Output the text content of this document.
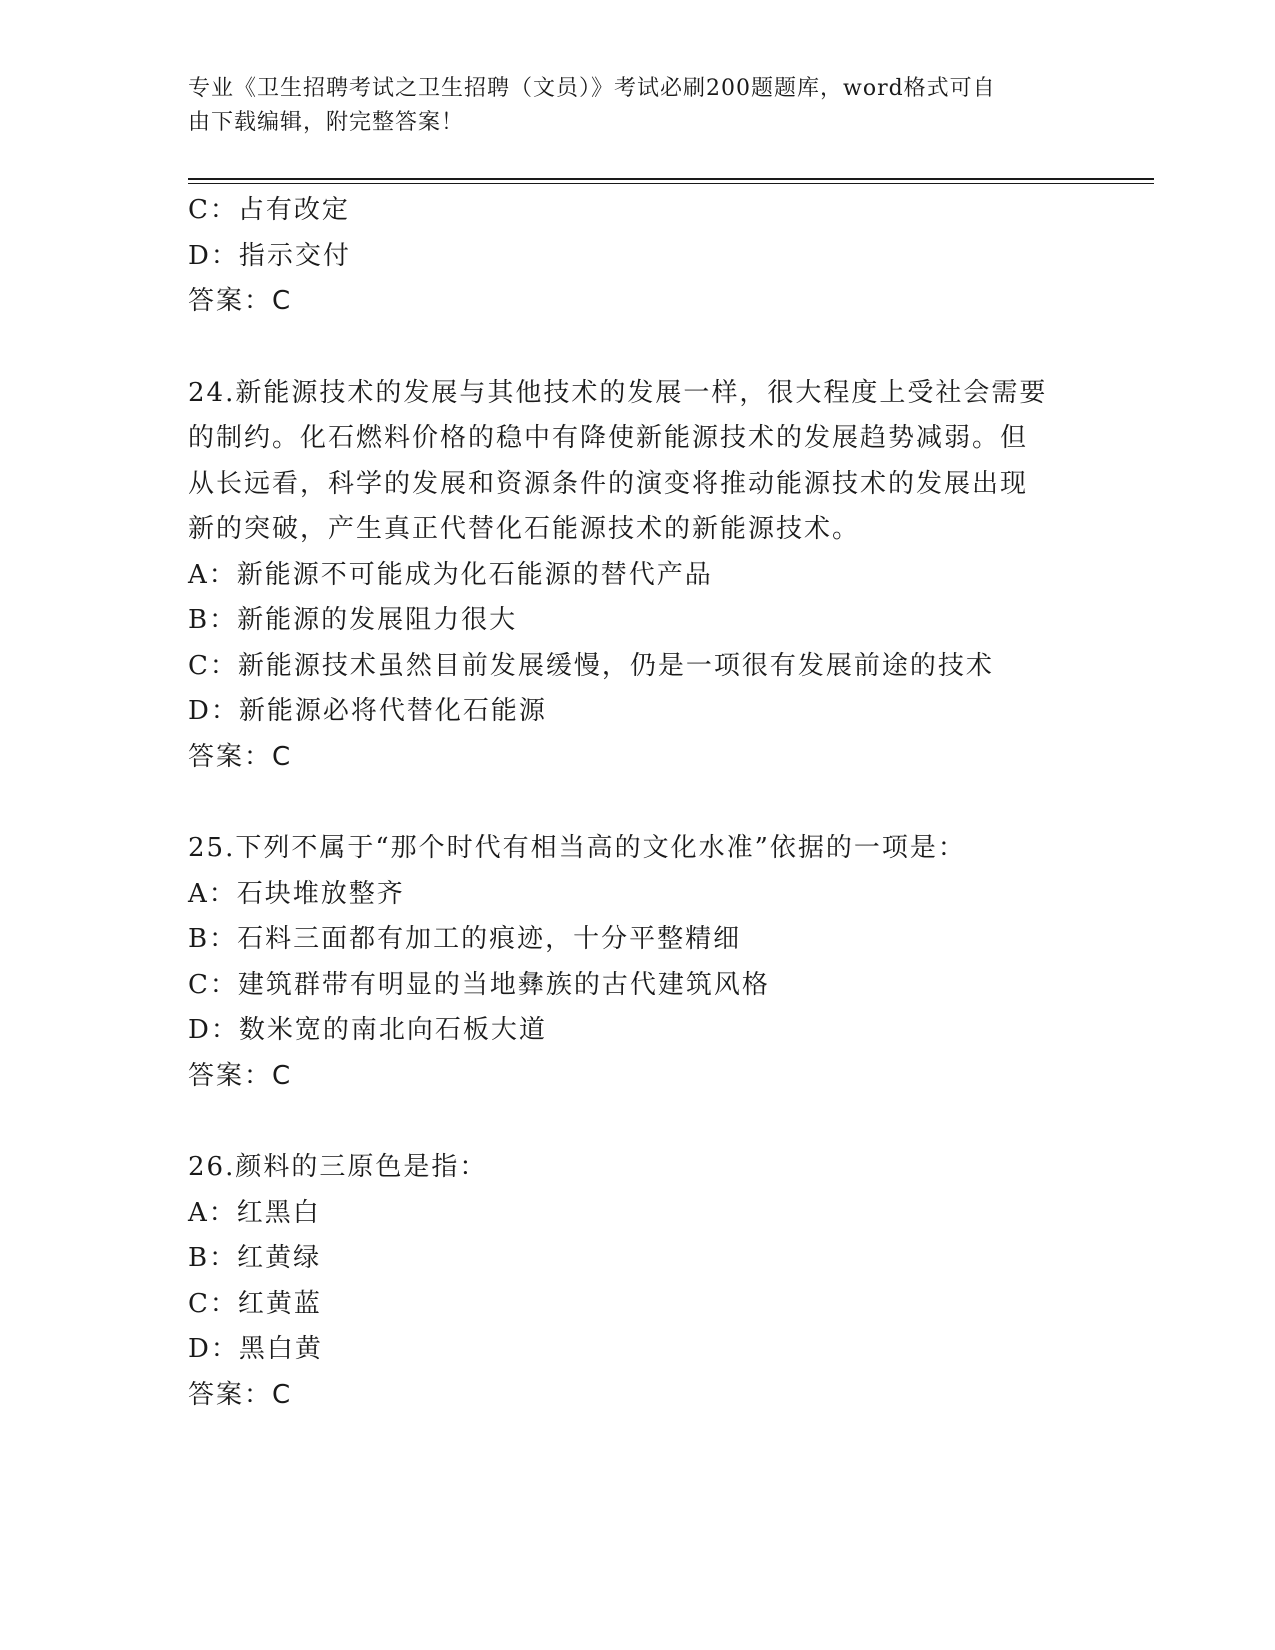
专业《卫生招聘考试之卫生招聘（文员）》考试必刷200题题库，word格式可自
由下载编辑，附完整答案！
C：占有改定
D：指示交付
答案：C
24.新能源技术的发展与其他技术的发展一样，很大程度上受社会需要
的制约。化石燃料价格的稳中有降使新能源技术的发展趋势减弱。但
从长远看，科学的发展和资源条件的演变将推动能源技术的发展出现
新的突破，产生真正代替化石能源技术的新能源技术。
A：新能源不可能成为化石能源的替代产品
B：新能源的发展阻力很大
C：新能源技术虽然目前发展缓慢，仍是一项很有发展前途的技术
D：新能源必将代替化石能源
答案：C
25.下列不属于“那个时代有相当高的文化水准”依据的一项是：
A：石块堆放整齐
B：石料三面都有加工的痕迹，十分平整精细
C：建筑群带有明显的当地彝族的古代建筑风格
D：数米宽的南北向石板大道
答案：C
26.颜料的三原色是指：
A：红黑白
B：红黄绿
C：红黄蓝
D：黑白黄
答案：C
